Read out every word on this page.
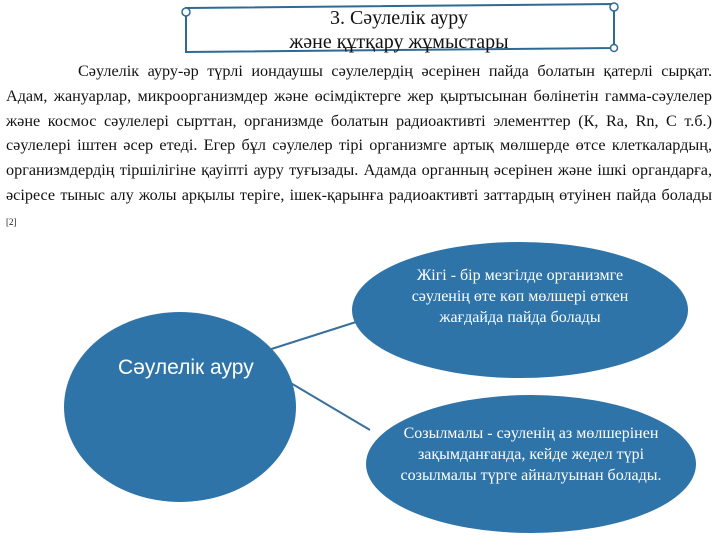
3. Сәулелік ауру
және құтқару жұмыстары
Сәулелік ауру-әр түрлі иондаушы сәулелердің әсерінен пайда болатын қатерлі сырқат. Адам, жануарлар, микроорганизмдер және өсімдіктерге жер қыртысынан бөлінетін гамма-сәулелер және космос сәулелері сырттан, организмде болатын радиоактивті элементтер (К, Ra, Rn, C т.б.) сәулелері іштен әсер етеді. Егер бұл сәулелер тірі организмге артық мөлшерде өтсе клеткалардың, организмдердің тіршілігіне қауіпті ауру туғызады. Адамда органның әсерінен және ішкі органдарға, әсіресе тыныс алу жолы арқылы теріге, ішек-қарынға радиоактивті заттардың өтуінен пайда болады [2]
Сәулелік ауру
Жігі - бір мезгілде организмге сәуленің өте көп мөлшері өткен жағдайда пайда болады
Созылмалы - сәуленің аз мөлшерінен зақымданғанда, кейде жедел түрі созылмалы түрге айналуынан болады.
